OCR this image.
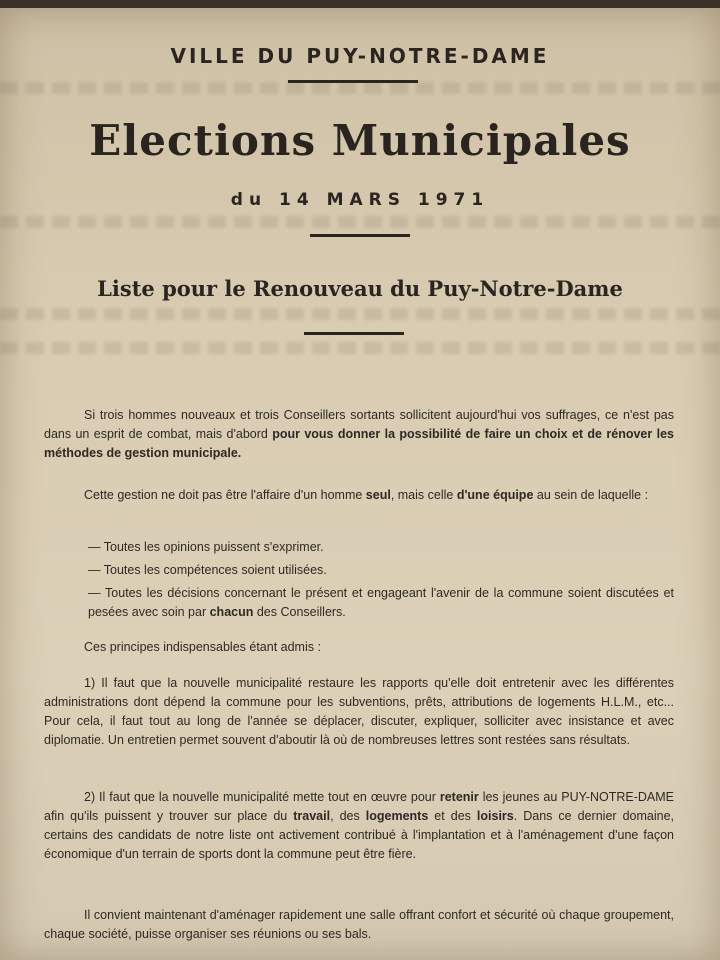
VILLE DU PUY-NOTRE-DAME
Elections Municipales
du 14 MARS 1971
Liste pour le Renouveau du Puy-Notre-Dame

Si trois hommes nouveaux et trois Conseillers sortants sollicitent aujourd'hui vos suffrages, ce n'est pas dans un esprit de combat, mais d'abord pour vous donner la possibilité de faire un choix et de rénover les méthodes de gestion municipale.

Cette gestion ne doit pas être l'affaire d'un homme seul, mais celle d'une équipe au sein de laquelle :

— Toutes les opinions puissent s'exprimer.

— Toutes les compétences soient utilisées.

— Toutes les décisions concernant le présent et engageant l'avenir de la commune soient discutées et pesées avec soin par chacun des Conseillers.

Ces principes indispensables étant admis :

1) Il faut que la nouvelle municipalité restaure les rapports qu'elle doit entretenir avec les différentes administrations dont dépend la commune pour les subventions, prêts, attributions de logements H.L.M., etc... Pour cela, il faut tout au long de l'année se déplacer, discuter, expliquer, solliciter avec insistance et avec diplomatie. Un entretien permet souvent d'aboutir là où de nombreuses lettres sont restées sans résultats.

2) Il faut que la nouvelle municipalité mette tout en œuvre pour retenir les jeunes au PUY-NOTRE-DAME afin qu'ils puissent y trouver sur place du travail, des logements et des loisirs. Dans ce dernier domaine, certains des candidats de notre liste ont activement contribué à l'implantation et à l'aménagement d'une façon économique d'un terrain de sports dont la commune peut être fière.

Il convient maintenant d'aménager rapidement une salle offrant confort et sécurité où chaque groupement, chaque société, puisse organiser ses réunions ou ses bals.
